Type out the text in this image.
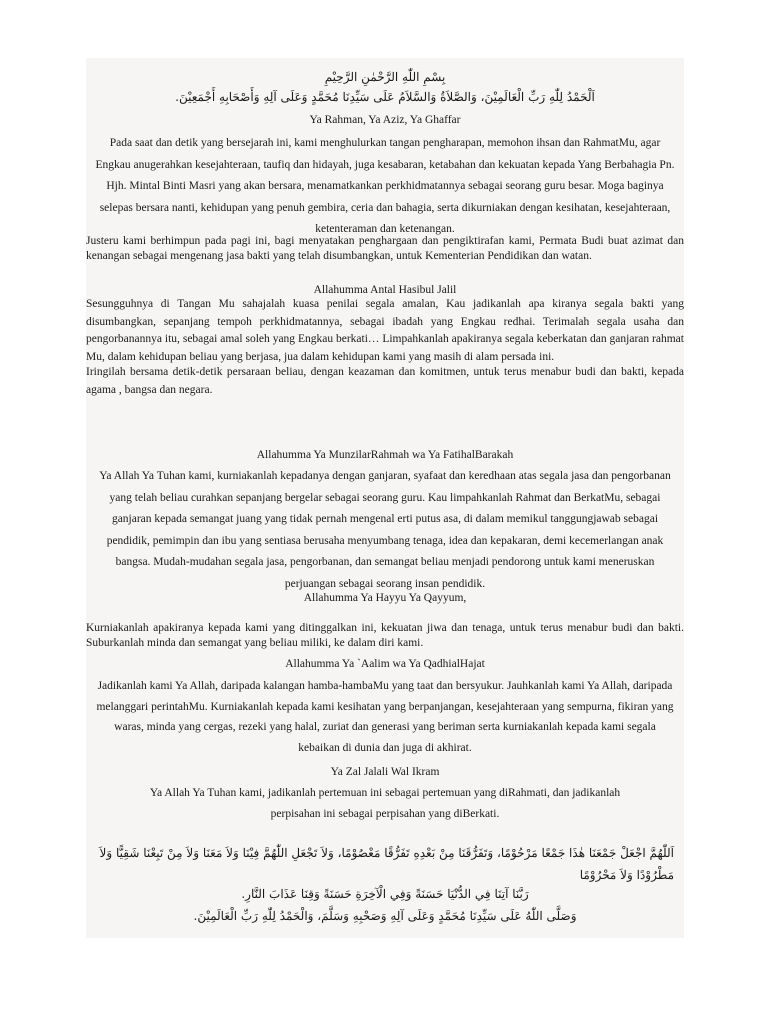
بِسْمِ اللّٰهِ الرَّحْمٰنِ الرَّحِيْمِ
اَلْحَمْدُ لِلّٰهِ رَبِّ الْعَالَمِيْنَ، وَالصَّلاَةُ وَالسَّلاَمُ عَلَى سَيِّدِنَا مُحَمَّدٍ وَعَلَى آلِهِ وَأَصْحَابِهِ أَجْمَعِيْنَ.
Ya Rahman, Ya Aziz, Ya Ghaffar
Pada saat dan detik yang bersejarah ini, kami menghulurkan tangan pengharapan, memohon ihsan dan RahmatMu, agar Engkau anugerahkan kesejahteraan, taufiq dan hidayah, juga kesabaran, ketabahan dan kekuatan kepada Yang Berbahagia Pn. Hjh. Mintal Binti Masri yang akan bersara, menamatkankan perkhidmatannya sebagai seorang guru besar. Moga baginya selepas bersara nanti, kehidupan yang penuh gembira, ceria dan bahagia, serta dikurniakan dengan kesihatan, kesejahteraan, ketenteraman dan ketenangan.
Justeru kami berhimpun pada pagi ini, bagi menyatakan penghargaan dan pengiktirafan kami, Permata Budi buat azimat dan kenangan sebagai mengenang jasa bakti yang telah disumbangkan, untuk Kementerian Pendidikan dan watan.
Allahumma Antal Hasibul Jalil
Sesungguhnya di Tangan Mu sahajalah kuasa penilai segala amalan, Kau jadikanlah apa kiranya segala bakti yang disumbangkan, sepanjang tempoh perkhidmatannya, sebagai ibadah yang Engkau redhai. Terimalah segala usaha dan pengorbanannya itu, sebagai amal soleh yang Engkau berkati… Limpahkanlah apakiranya segala keberkatan dan ganjaran rahmat Mu, dalam kehidupan beliau yang berjasa, jua dalam kehidupan kami yang masih di alam persada ini.
Iringilah bersama detik-detik persaraan beliau, dengan keazaman dan komitmen, untuk terus menabur budi dan bakti, kepada agama , bangsa dan negara.
Allahumma Ya MunzilarRahmah wa Ya FatihalBarakah
Ya Allah Ya Tuhan kami, kurniakanlah kepadanya dengan ganjaran, syafaat dan keredhaan atas segala jasa dan pengorbanan yang telah beliau curahkan sepanjang bergelar sebagai seorang guru. Kau limpahkanlah Rahmat dan BerkatMu, sebagai ganjaran kepada semangat juang yang tidak pernah mengenal erti putus asa, di dalam memikul tanggungjawab sebagai pendidik, pemimpin dan ibu yang sentiasa berusaha menyumbang tenaga, idea dan kepakaran, demi kecemerlangan anak bangsa. Mudah-mudahan segala jasa, pengorbanan, dan semangat beliau menjadi pendorong untuk kami meneruskan perjuangan sebagai seorang insan pendidik.
Allahumma Ya Hayyu Ya Qayyum,
Kurniakanlah apakiranya kepada kami yang ditinggalkan ini, kekuatan jiwa dan tenaga, untuk terus menabur budi dan bakti. Suburkanlah minda dan semangat yang beliau miliki, ke dalam diri kami.
Allahumma Ya `Aalim wa Ya QadhialHajat
Jadikanlah kami Ya Allah, daripada kalangan hamba-hambaMu yang taat dan bersyukur. Jauhkanlah kami Ya Allah, daripada melanggari perintahMu. Kurniakanlah kepada kami kesihatan yang berpanjangan, kesejahteraan yang sempurna, fikiran yang waras, minda yang cergas, rezeki yang halal, zuriat dan generasi yang beriman serta kurniakanlah kepada kami segala kebaikan di dunia dan juga di akhirat.
Ya Zal Jalali Wal Ikram
Ya Allah Ya Tuhan kami, jadikanlah pertemuan ini sebagai pertemuan yang diRahmati, dan jadikanlah perpisahan ini sebagai perpisahan yang diBerkati.
اَللّٰهُمَّ اجْعَلْ جَمْعَنَا هٰذَا جَمْعًا مَرْحُوْمًا، وَتَفَرُّقَنَا مِنْ بَعْدِهِ تَفَرُّقًا مَعْصُوْمًا، وَلاَ تَجْعَلِ اللّٰهُمَّ فِيْنَا وَلاَ مَعَنَا وَلاَ مِنْ تَبِعْنَا شَقِيًّا وَلاَ مَطْرُوْدًا وَلاَ مَحْرُوْمًا
رَبَّنَا آتِنَا فِي الدُّنْيَا حَسَنَةً وَفِي الْآخِرَةِ حَسَنَةً وَقِنَا عَذَابَ النَّارِ.
وَصَلَّى اللّٰهُ عَلَى سَيِّدِنَا مُحَمَّدٍ وَعَلَى آلِهِ وَصَحْبِهِ وَسَلَّمَ، وَالْحَمْدُ لِلّٰهِ رَبِّ الْعَالَمِيْنَ.
